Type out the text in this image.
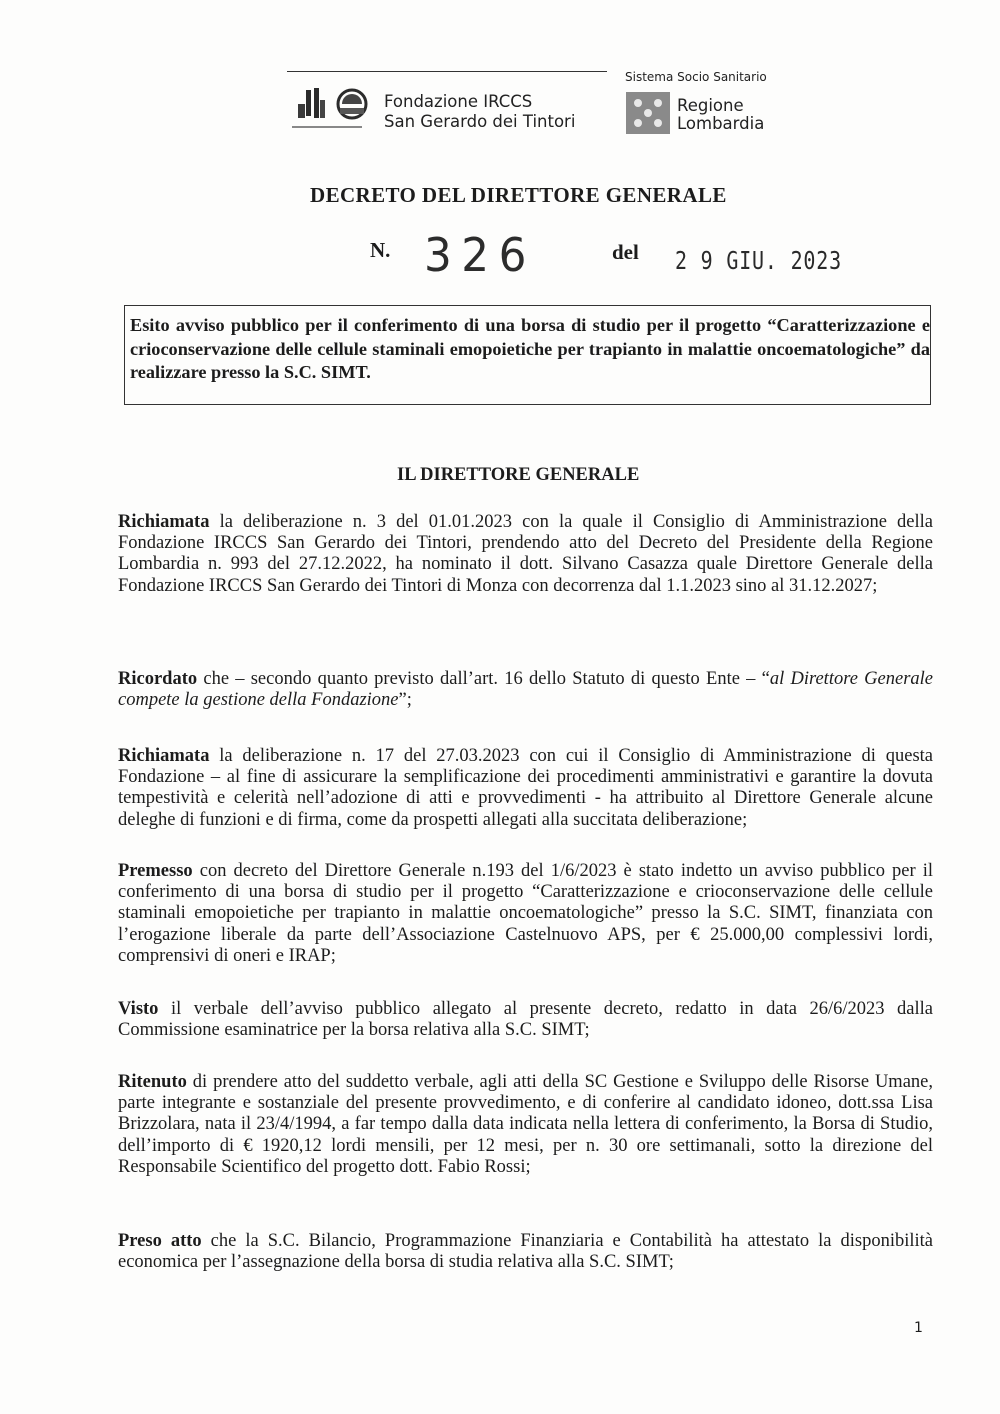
Fondazione IRCCS
San Gerardo dei Tintori
Sistema Socio Sanitario
Regione
Lombardia
DECRETO DEL DIRETTORE GENERALE
N. 326	del 2 9 GIU. 2023
Esito avviso pubblico per il conferimento di una borsa di studio per il progetto “Caratterizzazione e crioconservazione delle cellule staminali emopoietiche per trapianto in malattie oncoematologiche” da realizzare presso la S.C. SIMT.
IL DIRETTORE GENERALE
Richiamata la deliberazione n. 3 del 01.01.2023 con la quale il Consiglio di Amministrazione della Fondazione IRCCS San Gerardo dei Tintori, prendendo atto del Decreto del Presidente della Regione Lombardia n. 993 del 27.12.2022, ha nominato il dott. Silvano Casazza quale Direttore Generale della Fondazione IRCCS San Gerardo dei Tintori di Monza con decorrenza dal 1.1.2023 sino al 31.12.2027;
Ricordato che – secondo quanto previsto dall’art. 16 dello Statuto di questo Ente – “al Direttore Generale compete la gestione della Fondazione”;
Richiamata la deliberazione n. 17 del 27.03.2023 con cui il Consiglio di Amministrazione di questa Fondazione – al fine di assicurare la semplificazione dei procedimenti amministrativi e garantire la dovuta tempestività e celerità nell’adozione di atti e provvedimenti - ha attribuito al Direttore Generale alcune deleghe di funzioni e di firma, come da prospetti allegati alla succitata deliberazione;
Premesso con decreto del Direttore Generale n.193 del 1/6/2023 è stato indetto un avviso pubblico per il conferimento di una borsa di studio per il progetto “Caratterizzazione e crioconservazione delle cellule staminali emopoietiche per trapianto in malattie oncoematologiche” presso la S.C. SIMT, finanziata con l’erogazione liberale da parte dell’Associazione Castelnuovo APS, per € 25.000,00 complessivi lordi, comprensivi di oneri e IRAP;
Visto il verbale dell’avviso pubblico allegato al presente decreto, redatto in data 26/6/2023 dalla Commissione esaminatrice per la borsa relativa alla S.C. SIMT;
Ritenuto di prendere atto del suddetto verbale, agli atti della SC Gestione e Sviluppo delle Risorse Umane, parte integrante e sostanziale del presente provvedimento, e di conferire al candidato idoneo, dott.ssa Lisa Brizzolara, nata il 23/4/1994, a far tempo dalla data indicata nella lettera di conferimento, la Borsa di Studio, dell’importo di € 1920,12 lordi mensili, per 12 mesi, per n. 30 ore settimanali, sotto la direzione del Responsabile Scientifico del progetto dott. Fabio Rossi;
Preso atto che la S.C. Bilancio, Programmazione Finanziaria e Contabilità ha attestato la disponibilità economica per l’assegnazione della borsa di studia relativa alla S.C. SIMT;
1
